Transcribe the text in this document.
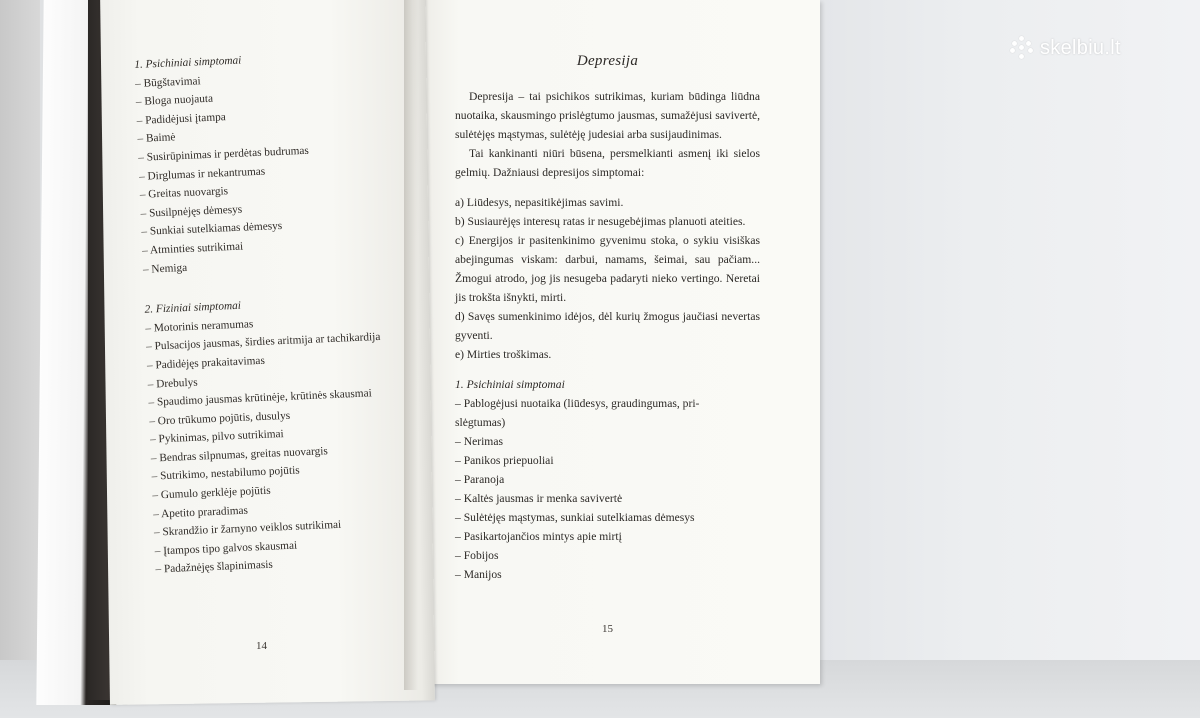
1. Psichiniai simptomai
– Būgštavimai
– Bloga nuojauta
– Padidėjusi įtampa
– Baimė
– Susirūpinimas ir perdėtas budrumas
– Dirglumas ir nekantrumas
– Greitas nuovargis
– Susilpnėjęs dėmesys
– Sunkiai sutelkiamas dėmesys
– Atminties sutrikimai
– Nemiga
2. Fiziniai simptomai
– Motorinis neramumas
– Pulsacijos jausmas, širdies aritmija ar tachikardija
– Padidėjęs prakaitavimas
– Drebulys
– Spaudimo jausmas krūtinėje, krūtinės skausmai
– Oro trūkumo pojūtis, dusulys
– Pykinimas, pilvo sutrikimai
– Bendras silpnumas, greitas nuovargis
– Sutrikimo, nestabilumo pojūtis
– Gumulo gerklėje pojūtis
– Apetito praradimas
– Skrandžio ir žarnyno veiklos sutrikimai
– Įtampos tipo galvos skausmai
– Padažnėjęs šlapinimasis
14
Depresija
Depresija – tai psichikos sutrikimas, kuriam būdinga liūdna nuotaika, skausmingo prislėgtumo jausmas, sumažėjusi savivertė, sulėtėjęs mąstymas, sulėtėję judesiai arba susijaudinimas.
Tai kankinanti niūri būsena, persmelkianti asmenį iki sielos gelmių. Dažniausi depresijos simptomai:
a) Liūdesys, nepasitikėjimas savimi.
b) Susiaurėjęs interesų ratas ir nesugebėjimas planuoti ateities.
c) Energijos ir pasitenkinimo gyvenimu stoka, o sykiu visiškas abejingumas viskam: darbui, namams, šeimai, sau pačiam... Žmogui atrodo, jog jis nesugeba padaryti nieko vertingo. Neretai jis trokšta išnykti, mirti.
d) Savęs sumenkinimo idėjos, dėl kurių žmogus jaučiasi nevertas gyventi.
e) Mirties troškimas.
1. Psichiniai simptomai
– Pablogėjusi nuotaika (liūdesys, graudingumas, pri-
slėgtumas)
– Nerimas
– Panikos priepuoliai
– Paranoja
– Kaltės jausmas ir menka savivertė
– Sulėtėjęs mąstymas, sunkiai sutelkiamas dėmesys
– Pasikartojančios mintys apie mirtį
– Fobijos
– Manijos
15
skelbiu.lt
